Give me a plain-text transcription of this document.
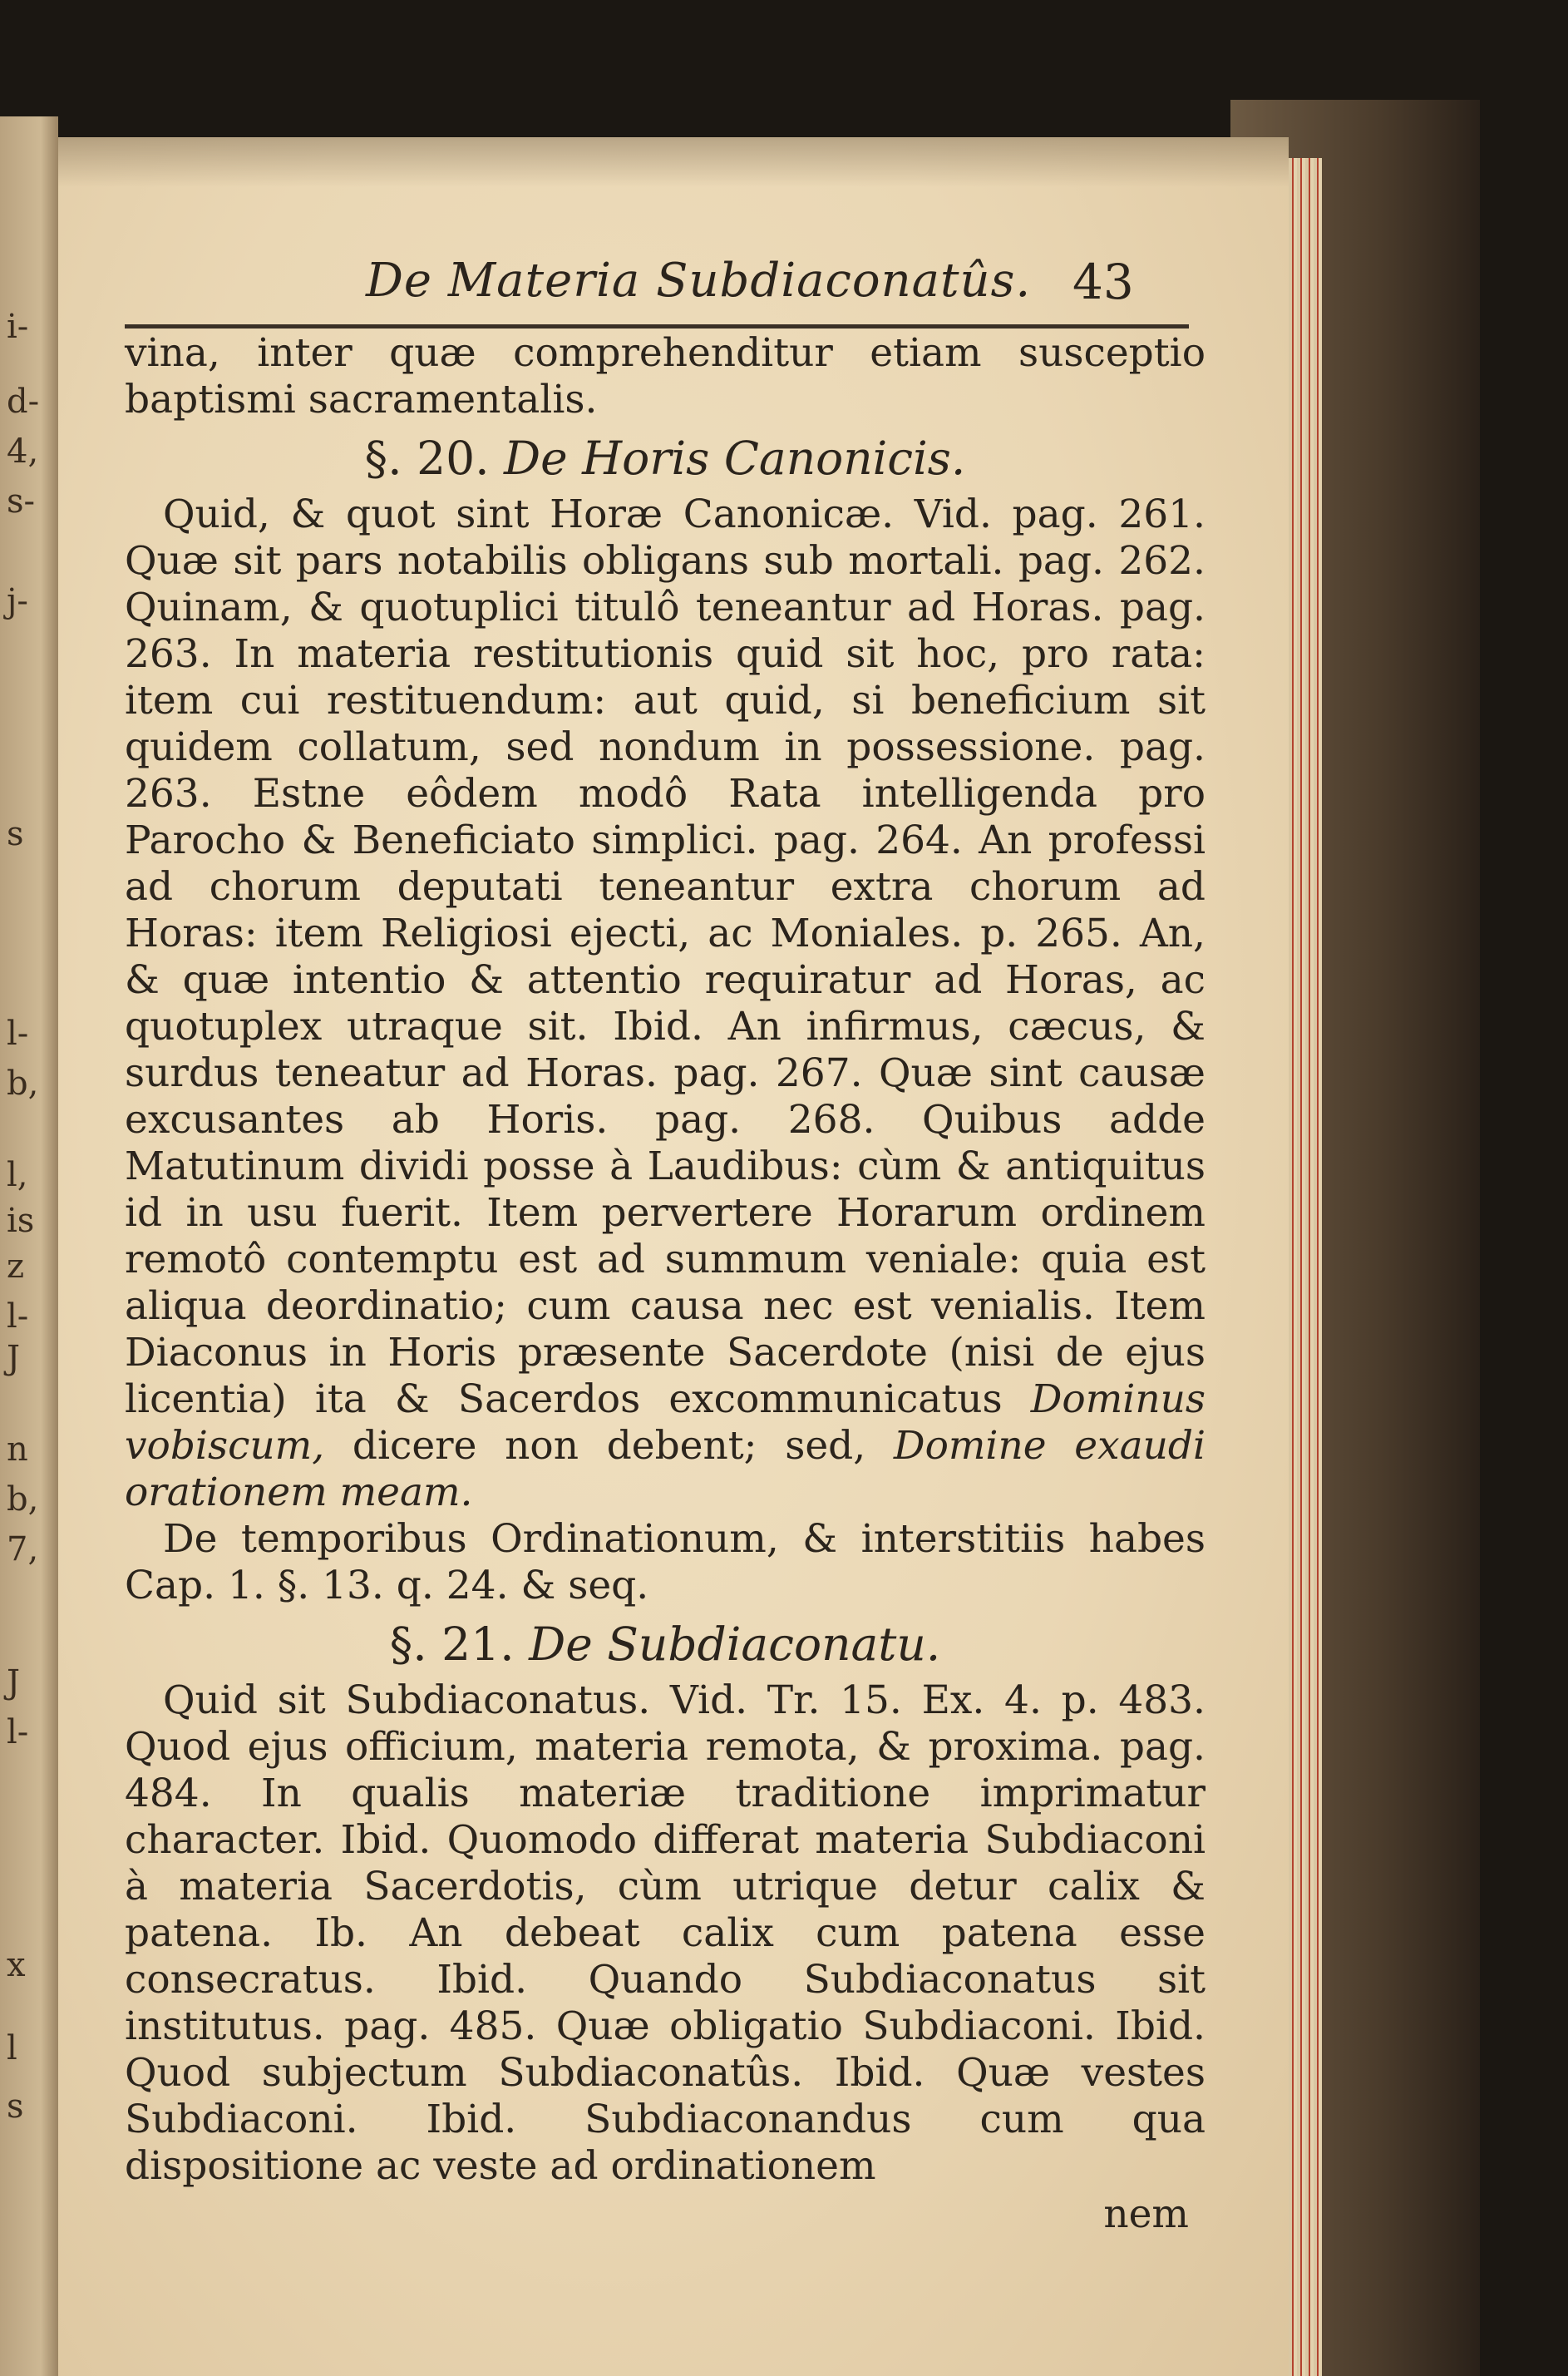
i-
d-
4,
s-
j-
s
l-
b,
l,
is
z
l-
J
n
b,
7,
J
l-
x
l
s
De Materia Subdiaconatûs. 43

vina, inter quæ comprehenditur etiam susceptio baptismi sacramentalis.

§. 20. De Horis Canonicis.

Quid, & quot sint Horæ Canonicæ. Vid. pag. 261. Quæ sit pars notabilis obligans sub mortali. pag. 262. Quinam, & quotuplici titulô teneantur ad Horas. pag. 263. In materia restitutionis quid sit hoc, pro rata: item cui restituendum: aut quid, si beneficium sit quidem collatum, sed nondum in possessione. pag. 263. Estne eôdem modô Rata intelligenda pro Parocho & Beneficiato simplici. pag. 264. An professi ad chorum deputati teneantur extra chorum ad Horas: item Religiosi ejecti, ac Moniales. p. 265. An, & quæ intentio & attentio requiratur ad Horas, ac quotuplex utraque sit. Ibid. An infirmus, cæcus, & surdus teneatur ad Horas. pag. 267. Quæ sint causæ excusantes ab Horis. pag. 268. Quibus adde Matutinum dividi posse à Laudibus: cùm & antiquitus id in usu fuerit. Item pervertere Horarum ordinem remotô contemptu est ad summum veniale: quia est aliqua deordinatio; cum causa nec est venialis. Item Diaconus in Horis præsente Sacerdote (nisi de ejus licentia) ita & Sacerdos excommunicatus Dominus vobiscum, dicere non debent; sed, Domine exaudi orationem meam.

De temporibus Ordinationum, & interstitiis habes Cap. 1. §. 13. q. 24. & seq.

§. 21. De Subdiaconatu.

Quid sit Subdiaconatus. Vid. Tr. 15. Ex. 4. p. 483. Quod ejus officium, materia remota, & proxima. pag. 484. In qualis materiæ traditione imprimatur character. Ibid. Quomodo differat materia Subdiaconi à materia Sacerdotis, cùm utrique detur calix & patena. Ib. An debeat calix cum patena esse consecratus. Ibid. Quando Subdiaconatus sit institutus. pag. 485. Quæ obligatio Subdiaconi. Ibid. Quod subjectum Subdiaconatûs. Ibid. Quæ vestes Subdiaconi. Ibid. Subdiaconandus cum qua dispositione ac veste ad ordinationem

nem
